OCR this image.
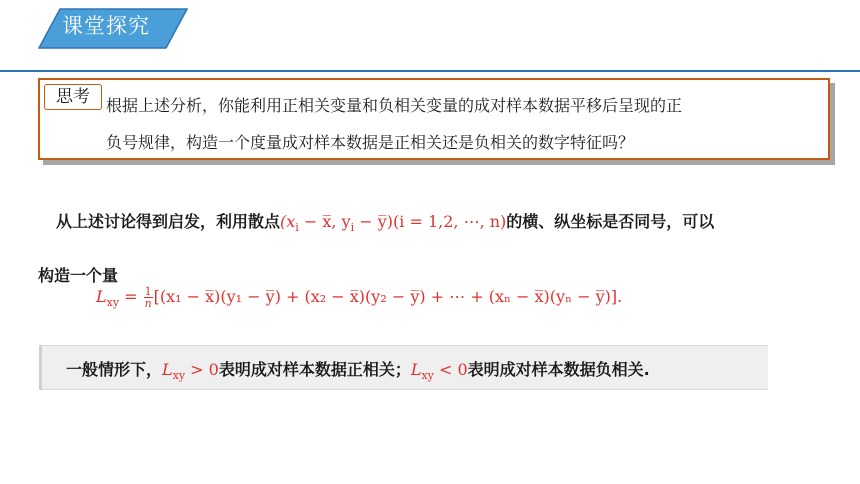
课堂探究
思考	根据上述分析，你能利用正相关变量和负相关变量的成对样本数据平移后呈现的正
负号规律，构造一个度量成对样本数据是正相关还是负相关的数字特征吗？
从上述讨论得到启发，利用散点($x_i$ − x̅, $y_i$ − y̅)(i = 1,2, ⋯, n)的横、纵坐标是否同号，可以
构造一个量
$L_{xy} = \frac{1}{n} [(x_1$ − x̅)(y₁ − y̅) + (x₂ − x̅)(y₂ − y̅) + ⋯ + (xₙ − x̅)(yₙ − y̅)].
一般情形下，$L_{xy} > 0$表明成对样本数据正相关；$L_{xy} < 0$表明成对样本数据负相关.
